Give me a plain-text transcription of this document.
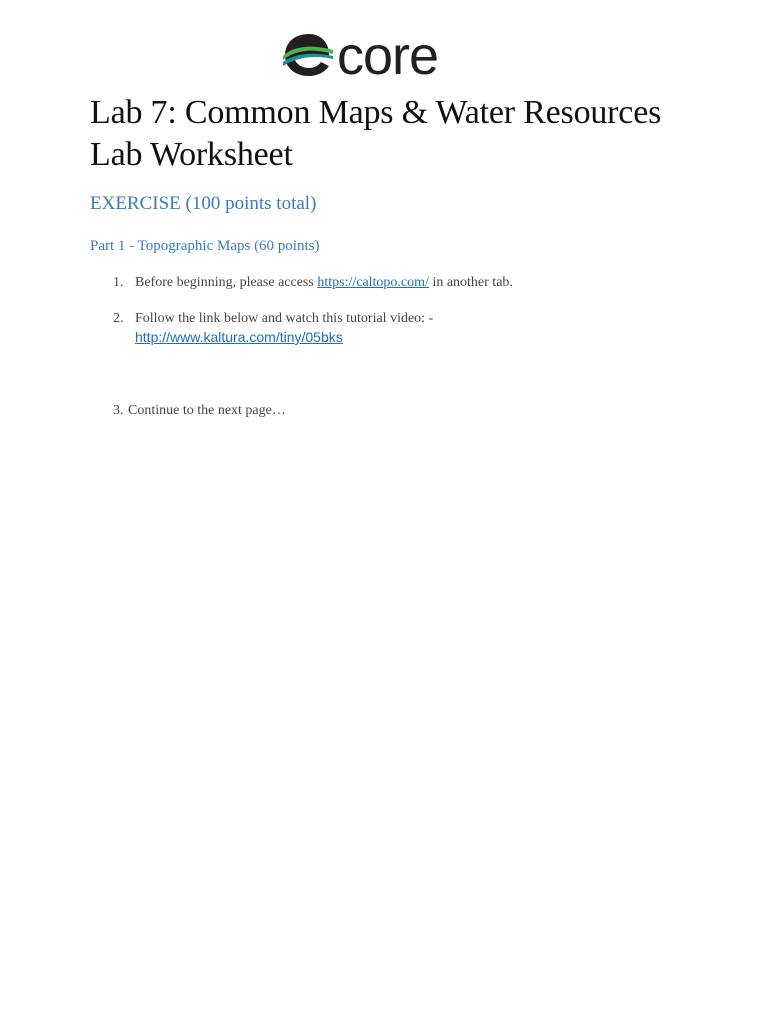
core
Lab 7: Common Maps & Water Resources
Lab Worksheet
EXERCISE (100 points total)
Part 1 - Topographic Maps (60 points)
1. Before beginning, please access https://caltopo.com/ in another tab.
2. Follow the link below and watch this tutorial video: -
http://www.kaltura.com/tiny/05bks
3. Continue to the next page…
